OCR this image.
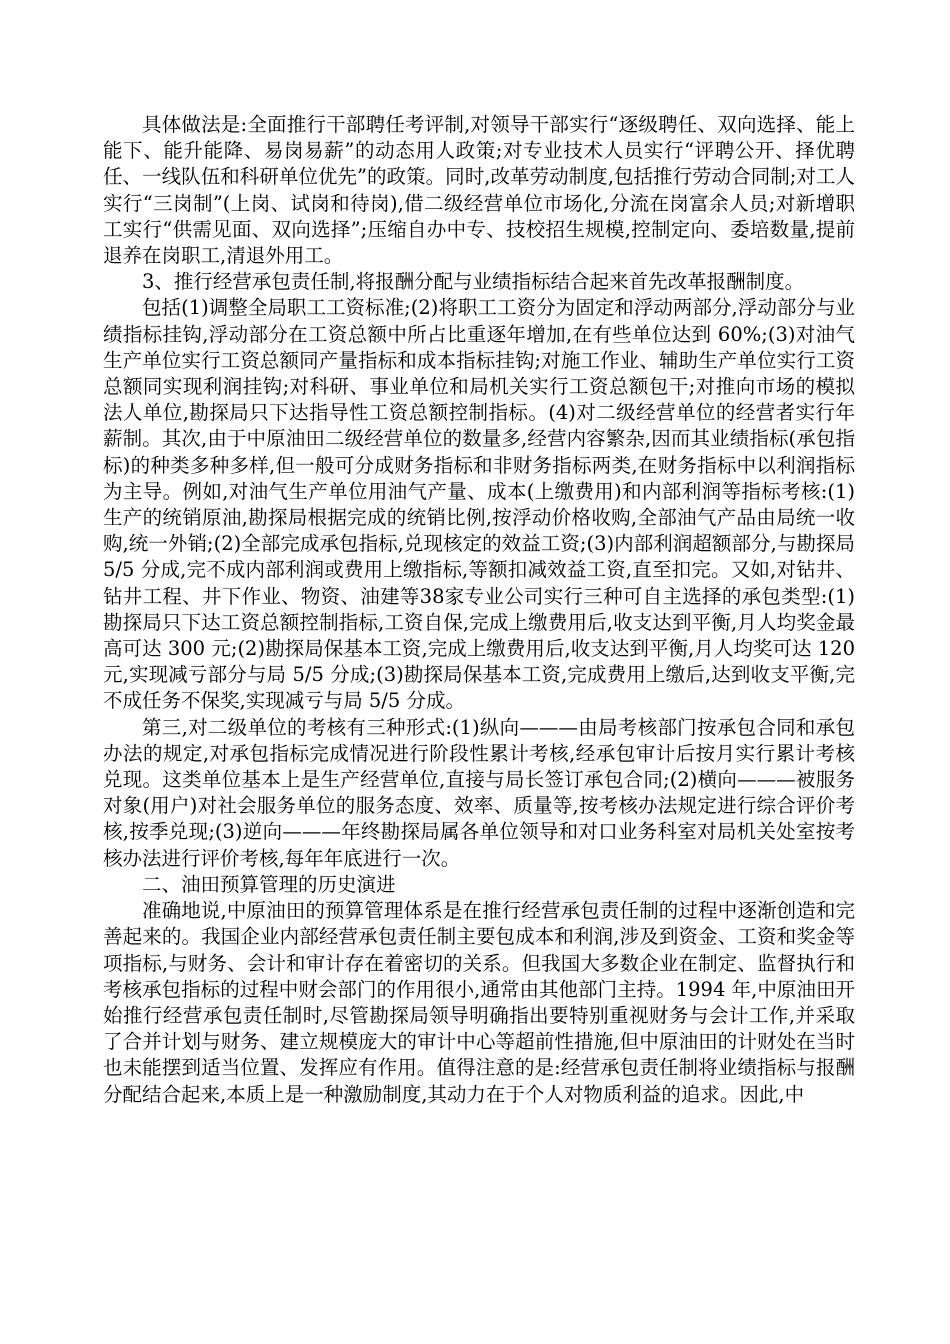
具体做法是:全面推行干部聘任考评制,对领导干部实行“逐级聘任、双向选择、能上能下、能升能降、易岗易薪”的动态用人政策;对专业技术人员实行“评聘公开、择优聘任、一线队伍和科研单位优先”的政策。同时,改革劳动制度,包括推行劳动合同制;对工人实行“三岗制”(上岗、试岗和待岗),借二级经营单位市场化,分流在岗富余人员;对新增职工实行“供需见面、双向选择”;压缩自办中专、技校招生规模,控制定向、委培数量,提前退养在岗职工,清退外用工。

3、推行经营承包责任制,将报酬分配与业绩指标结合起来首先改革报酬制度。

包括(1)调整全局职工工资标准;(2)将职工工资分为固定和浮动两部分,浮动部分与业绩指标挂钩,浮动部分在工资总额中所占比重逐年增加,在有些单位达到 60%;(3)对油气生产单位实行工资总额同产量指标和成本指标挂钩;对施工作业、辅助生产单位实行工资总额同实现利润挂钩;对科研、事业单位和局机关实行工资总额包干;对推向市场的模拟法人单位,勘探局只下达指导性工资总额控制指标。(4)对二级经营单位的经营者实行年薪制。其次,由于中原油田二级经营单位的数量多,经营内容繁杂,因而其业绩指标(承包指标)的种类多种多样,但一般可分成财务指标和非财务指标两类,在财务指标中以利润指标为主导。例如,对油气生产单位用油气产量、成本(上缴费用)和内部利润等指标考核:(1)生产的统销原油,勘探局根据完成的统销比例,按浮动价格收购,全部油气产品由局统一收购,统一外销;(2)全部完成承包指标,兑现核定的效益工资;(3)内部利润超额部分,与勘探局 5/5 分成,完不成内部利润或费用上缴指标,等额扣减效益工资,直至扣完。又如,对钻井、钻井工程、井下作业、物资、油建等38家专业公司实行三种可自主选择的承包类型:(1)勘探局只下达工资总额控制指标,工资自保,完成上缴费用后,收支达到平衡,月人均奖金最高可达 300 元;(2)勘探局保基本工资,完成上缴费用后,收支达到平衡,月人均奖可达 120 元,实现减亏部分与局 5/5 分成;(3)勘探局保基本工资,完成费用上缴后,达到收支平衡,完不成任务不保奖,实现减亏与局 5/5 分成。

第三,对二级单位的考核有三种形式:(1)纵向———由局考核部门按承包合同和承包办法的规定,对承包指标完成情况进行阶段性累计考核,经承包审计后按月实行累计考核兑现。这类单位基本上是生产经营单位,直接与局长签订承包合同;(2)横向———被服务对象(用户)对社会服务单位的服务态度、效率、质量等,按考核办法规定进行综合评价考核,按季兑现;(3)逆向———年终勘探局属各单位领导和对口业务科室对局机关处室按考核办法进行评价考核,每年年底进行一次。

二、油田预算管理的历史演进

准确地说,中原油田的预算管理体系是在推行经营承包责任制的过程中逐渐创造和完善起来的。我国企业内部经营承包责任制主要包成本和利润,涉及到资金、工资和奖金等项指标,与财务、会计和审计存在着密切的关系。但我国大多数企业在制定、监督执行和考核承包指标的过程中财会部门的作用很小,通常由其他部门主持。1994 年,中原油田开始推行经营承包责任制时,尽管勘探局领导明确指出要特别重视财务与会计工作,并采取了合并计划与财务、建立规模庞大的审计中心等超前性措施,但中原油田的计财处在当时也未能摆到适当位置、发挥应有作用。值得注意的是:经营承包责任制将业绩指标与报酬分配结合起来,本质上是一种激励制度,其动力在于个人对物质利益的追求。因此,中
